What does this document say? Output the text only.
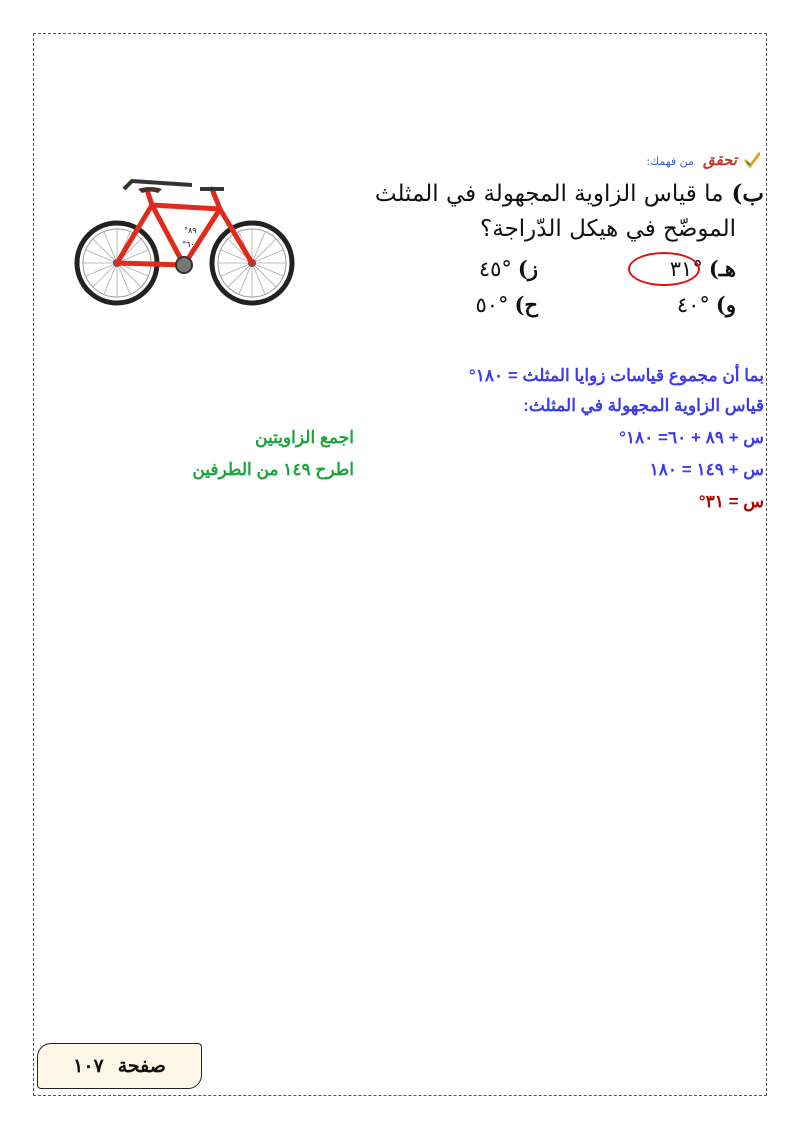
تحقق من فهمك:
ب)ما قياس الزاوية المجهولة في المثلث
الموضّح في هيكل الدّراجة؟
هـ)°٣١
ز)°٤٥
و)°٤٠
ح)°٥٠
س
°٨٩
°٦٠
بما أن مجموع قياسات زوايا المثلث = ١٨٠°
قياس الزاوية المجهولة في المثلث:
س + ٨٩ + ٦٠= ١٨٠°
س + ١٤٩ = ١٨٠
س = ٣١°
اجمع الزاويتين
اطرح ١٤٩ من الطرفين
صفحة
١٠٧
